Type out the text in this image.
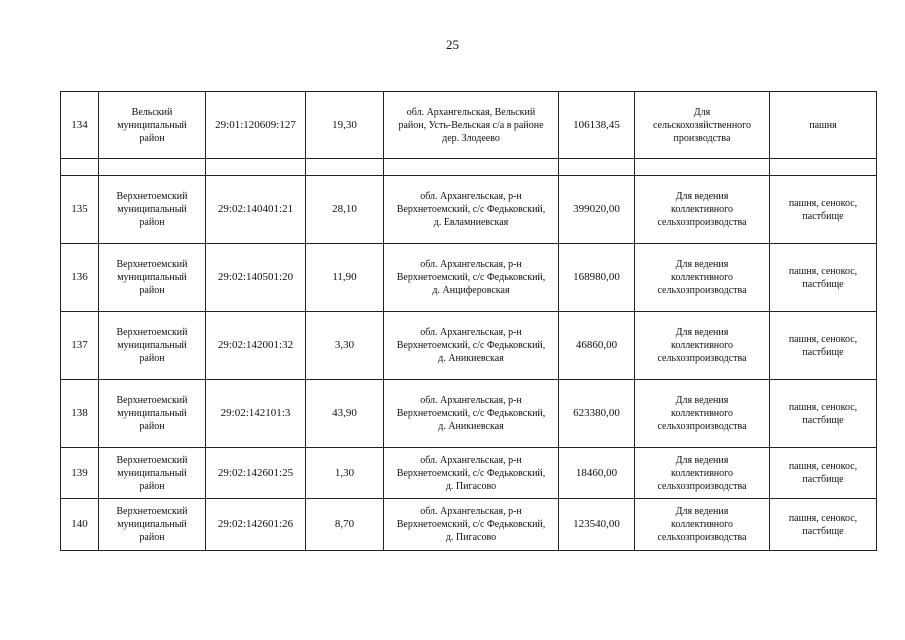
25
134	Вельский
муниципальный
район	29:01:120609:127	19,30	обл. Архангельская, Вельский
район, Усть-Вельская с/а в районе
дер. Злодеево	106138,45	Для
сельскохозяйственного
производства	пашня

135	Верхнетоемский
муниципальный
район	29:02:140401:21	28,10	обл. Архангельская, р-н
Верхнетоемский, с/с Федьковский,
д. Евламниевская	399020,00	Для ведения
коллективного
сельхозпроизводства	пашня, сенокос,
пастбище
136	Верхнетоемский
муниципальный
район	29:02:140501:20	11,90	обл. Архангельская, р-н
Верхнетоемский, с/с Федьковский,
д. Анциферовская	168980,00	Для ведения
коллективного
сельхозпроизводства	пашня, сенокос,
пастбище
137	Верхнетоемский
муниципальный
район	29:02:142001:32	3,30	обл. Архангельская, р-н
Верхнетоемский, с/с Федьковский,
д. Аникиевская	46860,00	Для ведения
коллективного
сельхозпроизводства	пашня, сенокос,
пастбище
138	Верхнетоемский
муниципальный
район	29:02:142101:3	43,90	обл. Архангельская, р-н
Верхнетоемский, с/с Федьковский,
д. Аникиевская	623380,00	Для ведения
коллективного
сельхозпроизводства	пашня, сенокос,
пастбище
139	Верхнетоемский
муниципальный
район	29:02:142601:25	1,30	обл. Архангельская, р-н
Верхнетоемский, с/с Федьковский,
д. Пигасово	18460,00	Для ведения
коллективного
сельхозпроизводства	пашня, сенокос,
пастбище
140	Верхнетоемский
муниципальный
район	29:02:142601:26	8,70	обл. Архангельская, р-н
Верхнетоемский, с/с Федьковский,
д. Пигасово	123540,00	Для ведения
коллективного
сельхозпроизводства	пашня, сенокос,
пастбище
